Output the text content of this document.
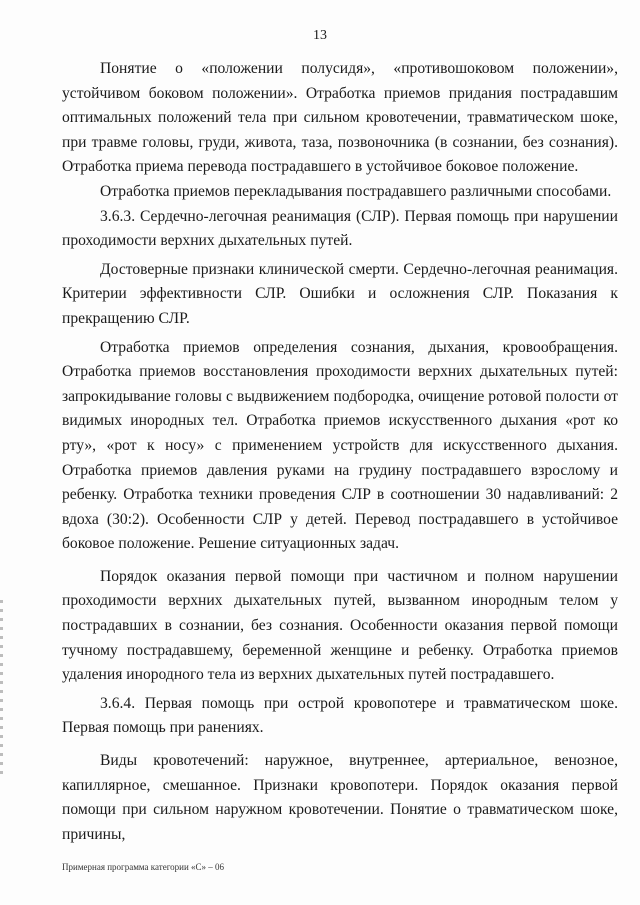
13

Понятие о «положении полусидя», «противошоковом положении», устойчивом боковом положении». Отработка приемов придания пострадавшим оптимальных положений тела при сильном кровотечении, травматическом шоке, при травме головы, груди, живота, таза, позвоночника (в сознании, без сознания). Отработка приема перевода пострадавшего в устойчивое боковое положение.

Отработка приемов перекладывания пострадавшего различными способами.

3.6.3. Сердечно-легочная реанимация (СЛР). Первая помощь при нарушении проходимости верхних дыхательных путей.

Достоверные признаки клинической смерти. Сердечно-легочная реанимация. Критерии эффективности СЛР. Ошибки и осложнения СЛР. Показания к прекращению СЛР.

Отработка приемов определения сознания, дыхания, кровообращения. Отработка приемов восстановления проходимости верхних дыхательных путей: запрокидывание головы с выдвижением подбородка, очищение ротовой полости от видимых инородных тел. Отработка приемов искусственного дыхания «рот ко рту», «рот к носу» с применением устройств для искусственного дыхания. Отработка приемов давления руками на грудину пострадавшего взрослому и ребенку. Отработка техники проведения СЛР в соотношении 30 надавливаний: 2 вдоха (30:2). Особенности СЛР у детей. Перевод пострадавшего в устойчивое боковое положение. Решение ситуационных задач.

Порядок оказания первой помощи при частичном и полном нарушении проходимости верхних дыхательных путей, вызванном инородным телом у пострадавших в сознании, без сознания. Особенности оказания первой помощи тучному пострадавшему, беременной женщине и ребенку. Отработка приемов удаления инородного тела из верхних дыхательных путей пострадавшего.

3.6.4. Первая помощь при острой кровопотере и травматическом шоке. Первая помощь при ранениях.

Виды кровотечений: наружное, внутреннее, артериальное, венозное, капиллярное, смешанное. Признаки кровопотери. Порядок оказания первой помощи при сильном наружном кровотечении. Понятие о травматическом шоке, причины,

Примерная программа категории «С» – 06
